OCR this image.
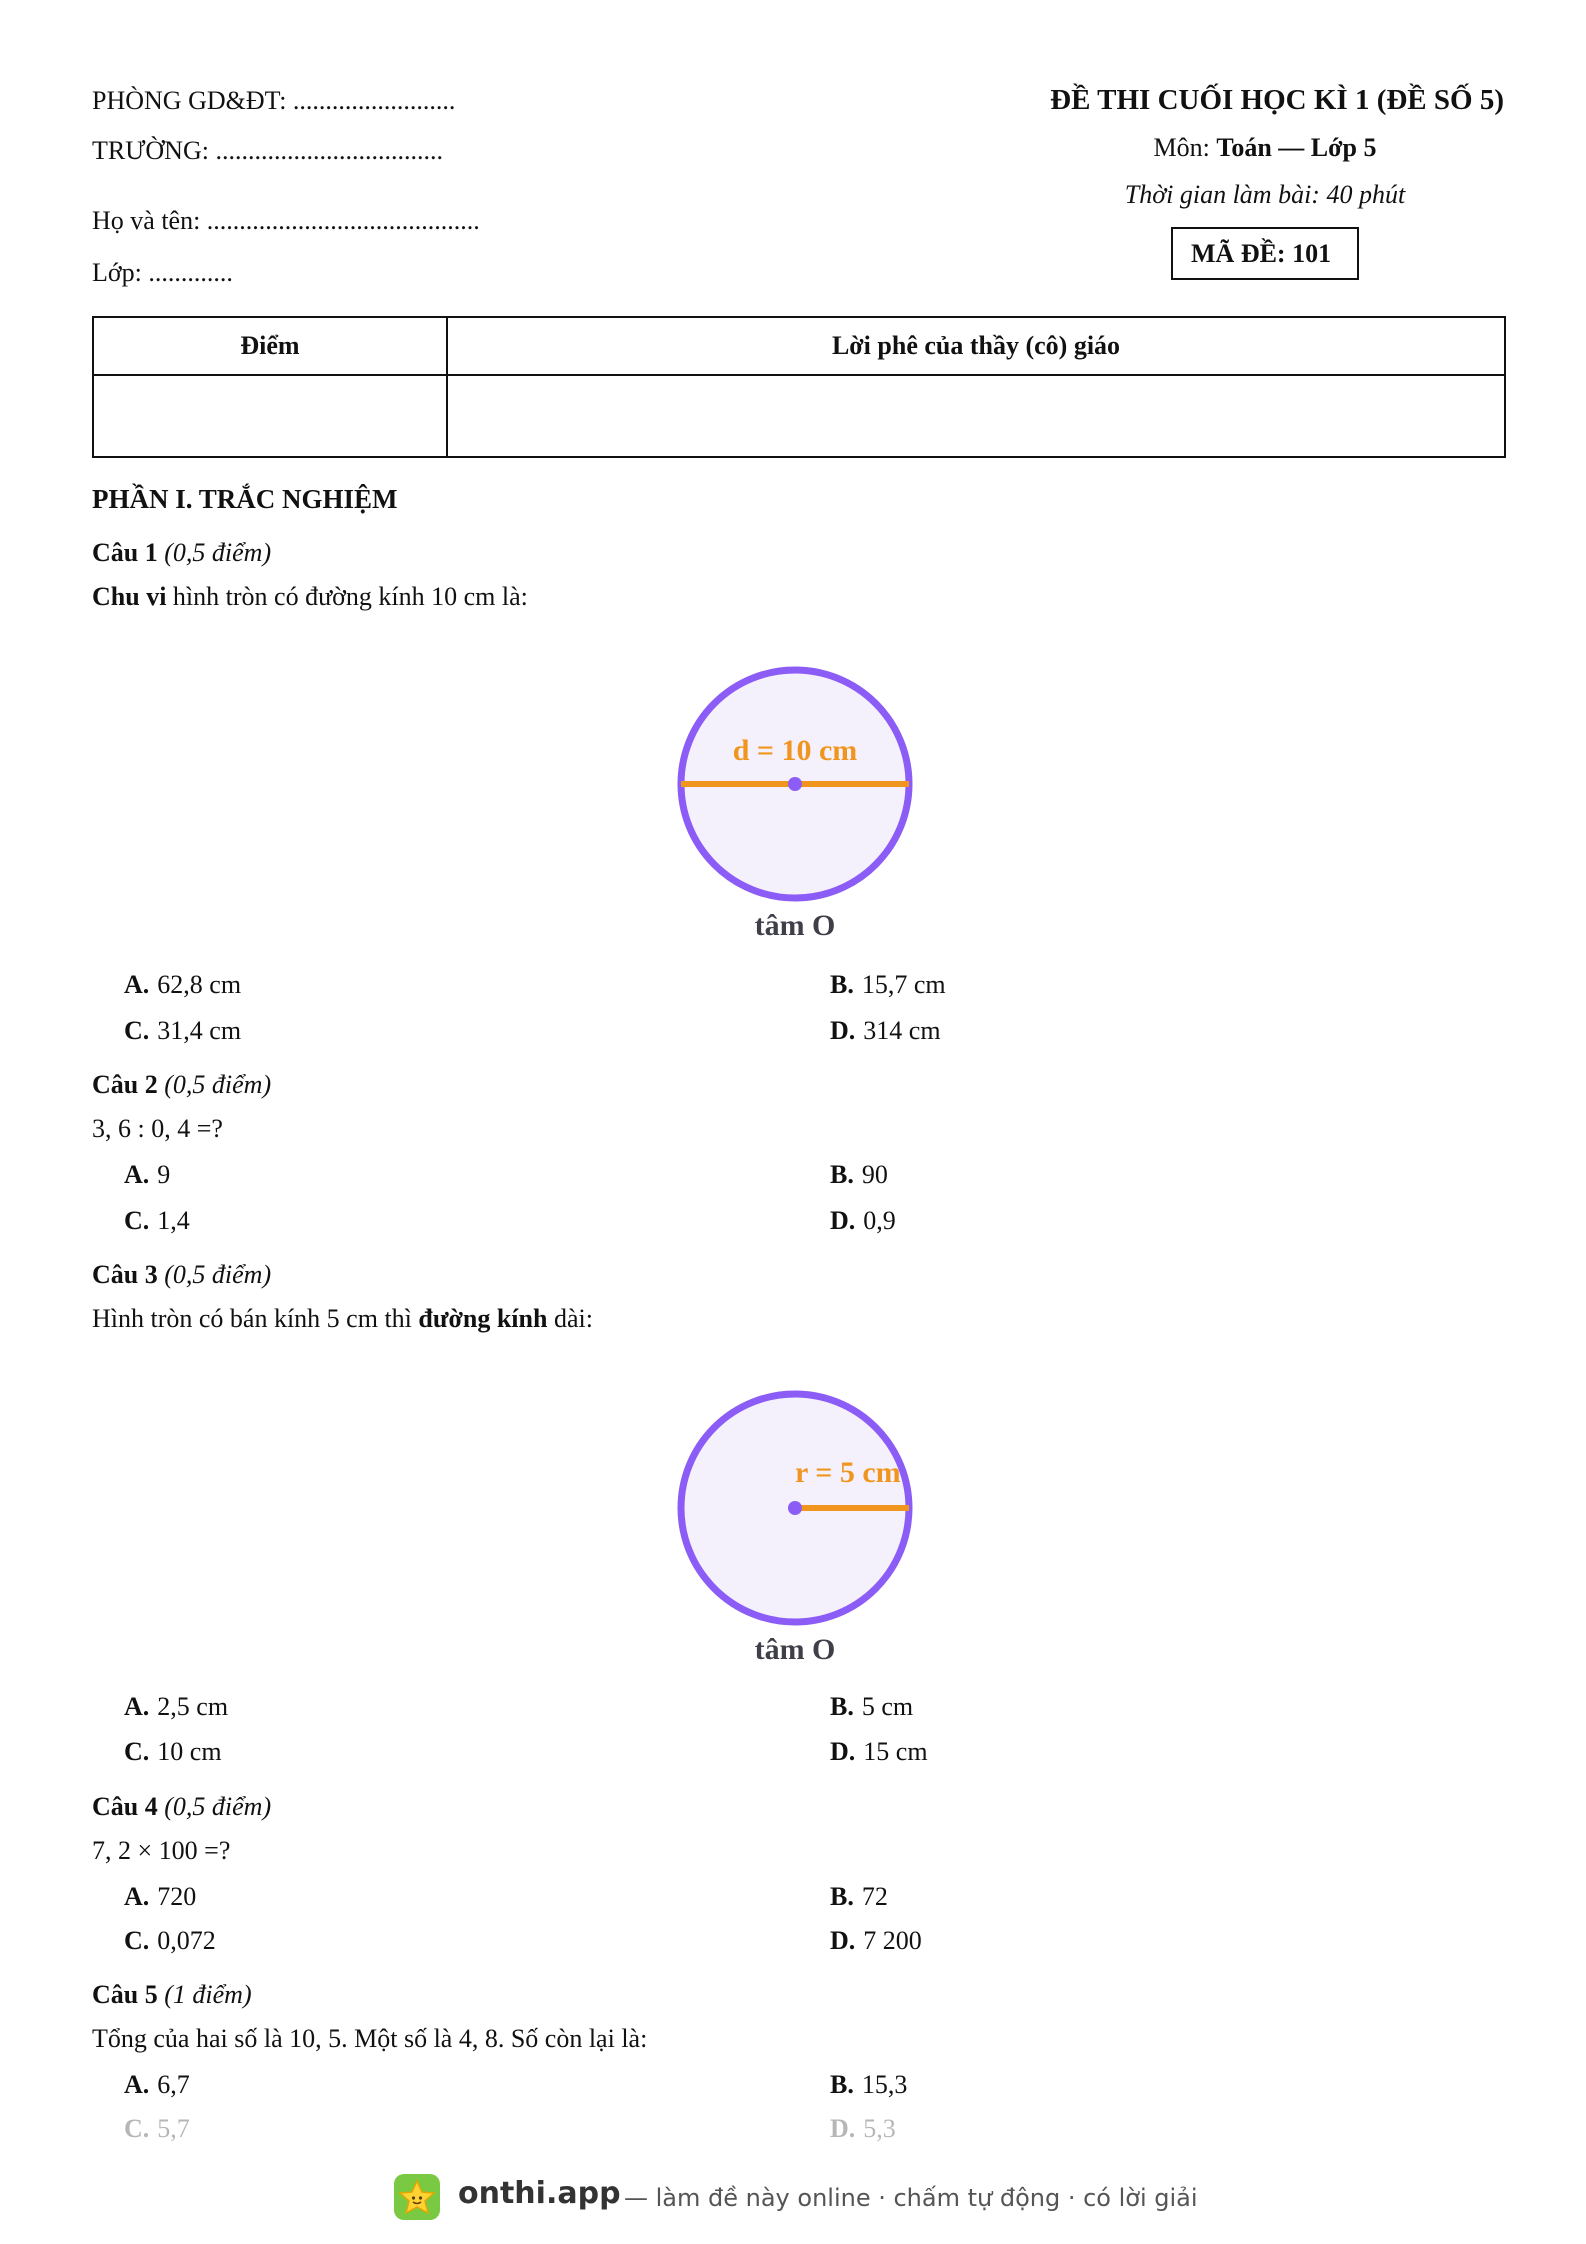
PHÒNG GD&ĐT: .........................
TRƯỜNG: ...................................
Họ và tên: ..........................................
Lớp: .............
ĐỀ THI CUỐI HỌC KÌ 1 (ĐỀ SỐ 5)
Môn: Toán — Lớp 5
Thời gian làm bài: 40 phút
MÃ ĐỀ: 101
Điểm	Lời phê của thầy (cô) giáo

PHẦN I. TRẮC NGHIỆM
Câu 1 (0,5 điểm)
Chu vi hình tròn có đường kính 10 cm là:
d = 10 cm
tâm O
A. 62,8 cm	B. 15,7 cm
C. 31,4 cm	D. 314 cm
Câu 2 (0,5 điểm)
3, 6 : 0, 4 =?
A. 9	B. 90
C. 1,4	D. 0,9
Câu 3 (0,5 điểm)
Hình tròn có bán kính 5 cm thì đường kính dài:
r = 5 cm
tâm O
A. 2,5 cm	B. 5 cm
C. 10 cm	D. 15 cm
Câu 4 (0,5 điểm)
7, 2 × 100 =?
A. 720	B. 72
C. 0,072	D. 7 200
Câu 5 (1 điểm)
Tổng của hai số là 10, 5. Một số là 4, 8. Số còn lại là:
A. 6,7	B. 15,3
C. 5,7	D. 5,3
onthi.app — làm đề này online · chấm tự động · có lời giải
